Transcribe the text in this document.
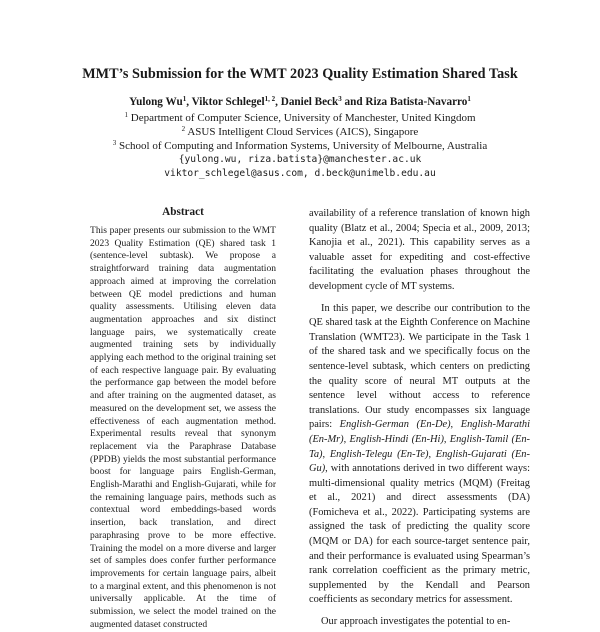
MMT’s Submission for the WMT 2023 Quality Estimation Shared Task
Yulong Wu$^1$, Viktor Schlegel$^{1, 2}$, Daniel Beck$^3$ and Riza Batista-Navarro$^1$
$^1$ Department of Computer Science, University of Manchester, United Kingdom
$^2$ ASUS Intelligent Cloud Services (AICS), Singapore
$^3$ School of Computing and Information Systems, University of Melbourne, Australia
{yulong.wu, riza.batista}@manchester.ac.uk
viktor_schlegel@asus.com, d.beck@unimelb.edu.au
Abstract
This paper presents our submission to the WMT 2023 Quality Estimation (QE) shared task 1 (sentence-level subtask). We propose a straightforward training data augmentation approach aimed at improving the correlation between QE model predictions and human quality assessments. Utilising eleven data augmentation approaches and six distinct language pairs, we systematically create augmented training sets by individually applying each method to the original training set of each respective language pair. By evaluating the performance gap between the model before and after training on the augmented dataset, as measured on the development set, we assess the effectiveness of each augmentation method. Experimental results reveal that synonym replacement via the Paraphrase Database (PPDB) yields the most substantial performance boost for language pairs English-German, English-Marathi and English-Gujarati, while for the remaining language pairs, methods such as contextual word embeddings-based words insertion, back translation, and direct paraphrasing prove to be more effective. Training the model on a more diverse and larger set of samples does confer further performance improvements for certain language pairs, albeit to a marginal extent, and this phenomenon is not universally applicable. At the time of submission, we select the model trained on the augmented dataset constructed

availability of a reference translation of known high quality (Blatz et al., 2004; Specia et al., 2009, 2013; Kanojia et al., 2021). This capability serves as a valuable asset for expediting and cost-effective facilitating the evaluation phases throughout the development cycle of MT systems.

In this paper, we describe our contribution to the QE shared task at the Eighth Conference on Machine Translation (WMT23). We participate in the Task 1 of the shared task and we specifically focus on the sentence-level subtask, which centers on predicting the quality score of neural MT outputs at the sentence level without access to reference translations. Our study encompasses six language pairs: English-German (En-De), English-Marathi (En-Mr), English-Hindi (En-Hi), English-Tamil (En-Ta), English-Telegu (En-Te), English-Gujarati (En-Gu), with annotations derived in two different ways: multi-dimensional quality metrics (MQM) (Freitag et al., 2021) and direct assessments (DA) (Fomicheva et al., 2022). Participating systems are assigned the task of predicting the quality score (MQM or DA) for each source-target sentence pair, and their performance is evaluated using Spearman’s rank correlation coefficient as the primary metric, supplemented by the Kendall and Pearson coefficients as secondary metrics for assessment.

Our approach investigates the potential to en-
